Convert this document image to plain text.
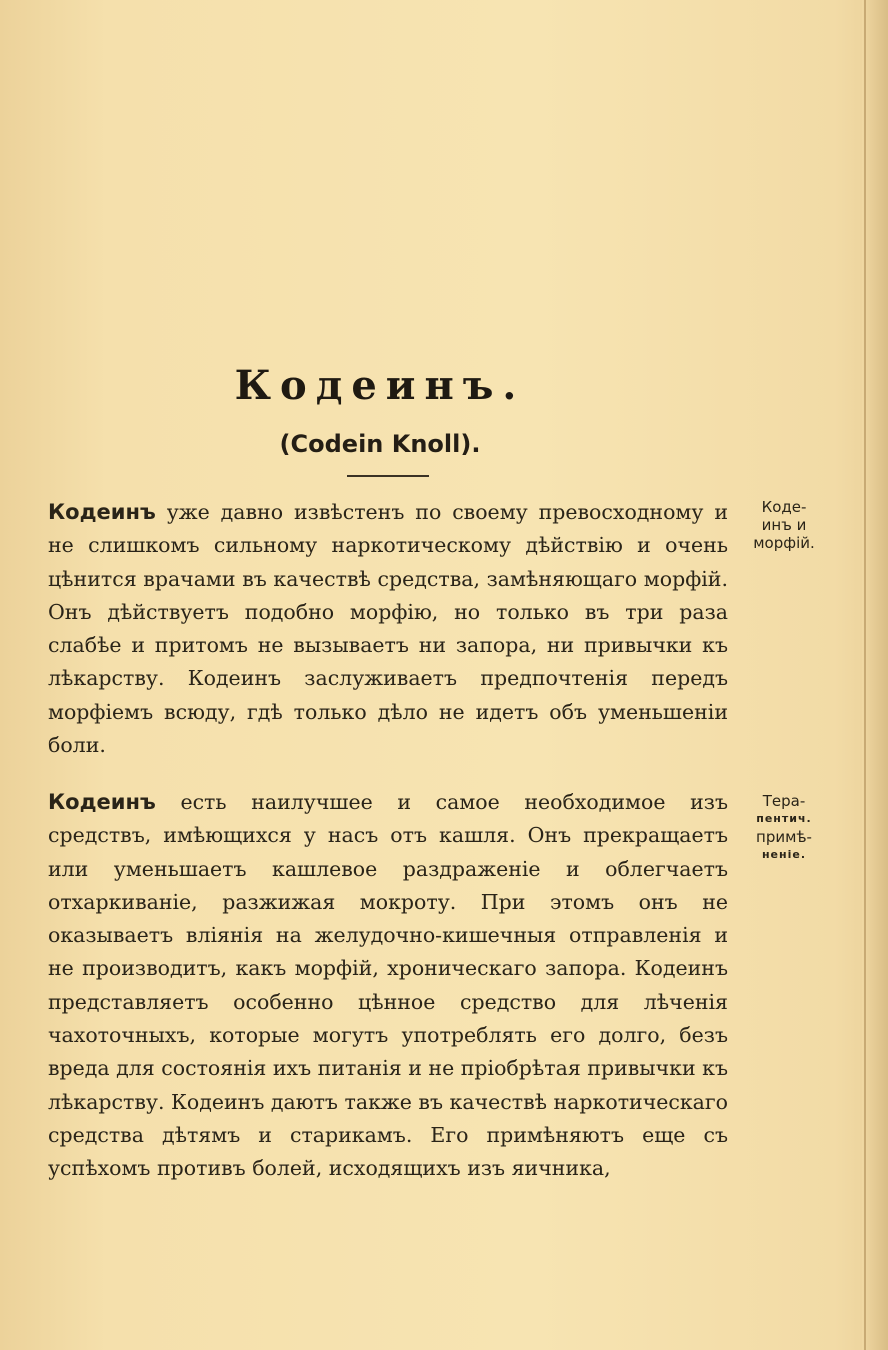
Кодеинъ.
(Codein Knoll).

Кодеинъ уже давно извѣстенъ по своему превосходному и не слишкомъ сильному наркотическому дѣйствію и очень цѣнится врачами въ качествѣ средства, замѣняющаго морфій. Онъ дѣйствуетъ подобно морфію, но только въ три раза слабѣе и притомъ не вызываетъ ни запора, ни привычки къ лѣкарству. Кодеинъ заслуживаетъ предпочтенія передъ морфіемъ всюду, гдѣ только дѣло не идетъ объ уменьшеніи боли.

Кодеинъ есть наилучшее и самое необходимое изъ средствъ, имѣющихся у насъ отъ кашля. Онъ прекращаетъ или уменьшаетъ кашлевое раздраженіе и облегчаетъ отхаркиваніе, разжижая мокроту. При этомъ онъ не оказываетъ вліянія на желудочно-кишечныя отправленія и не производитъ, какъ морфій, хроническаго запора. Кодеинъ представляетъ особенно цѣнное средство для лѣченія чахоточныхъ, которые могутъ употреблять его долго, безъ вреда для состоянія ихъ питанія и не пріобрѣтая привычки къ лѣкарству. Кодеинъ даютъ также въ качествѣ наркотическаго средства дѣтямъ и старикамъ. Его примѣняютъ еще съ успѣхомъ противъ болей, исходящихъ изъ яичника,

Кодe-
инъ и
морфій.
Тера-
пентич.
примѣ-
неніе.
